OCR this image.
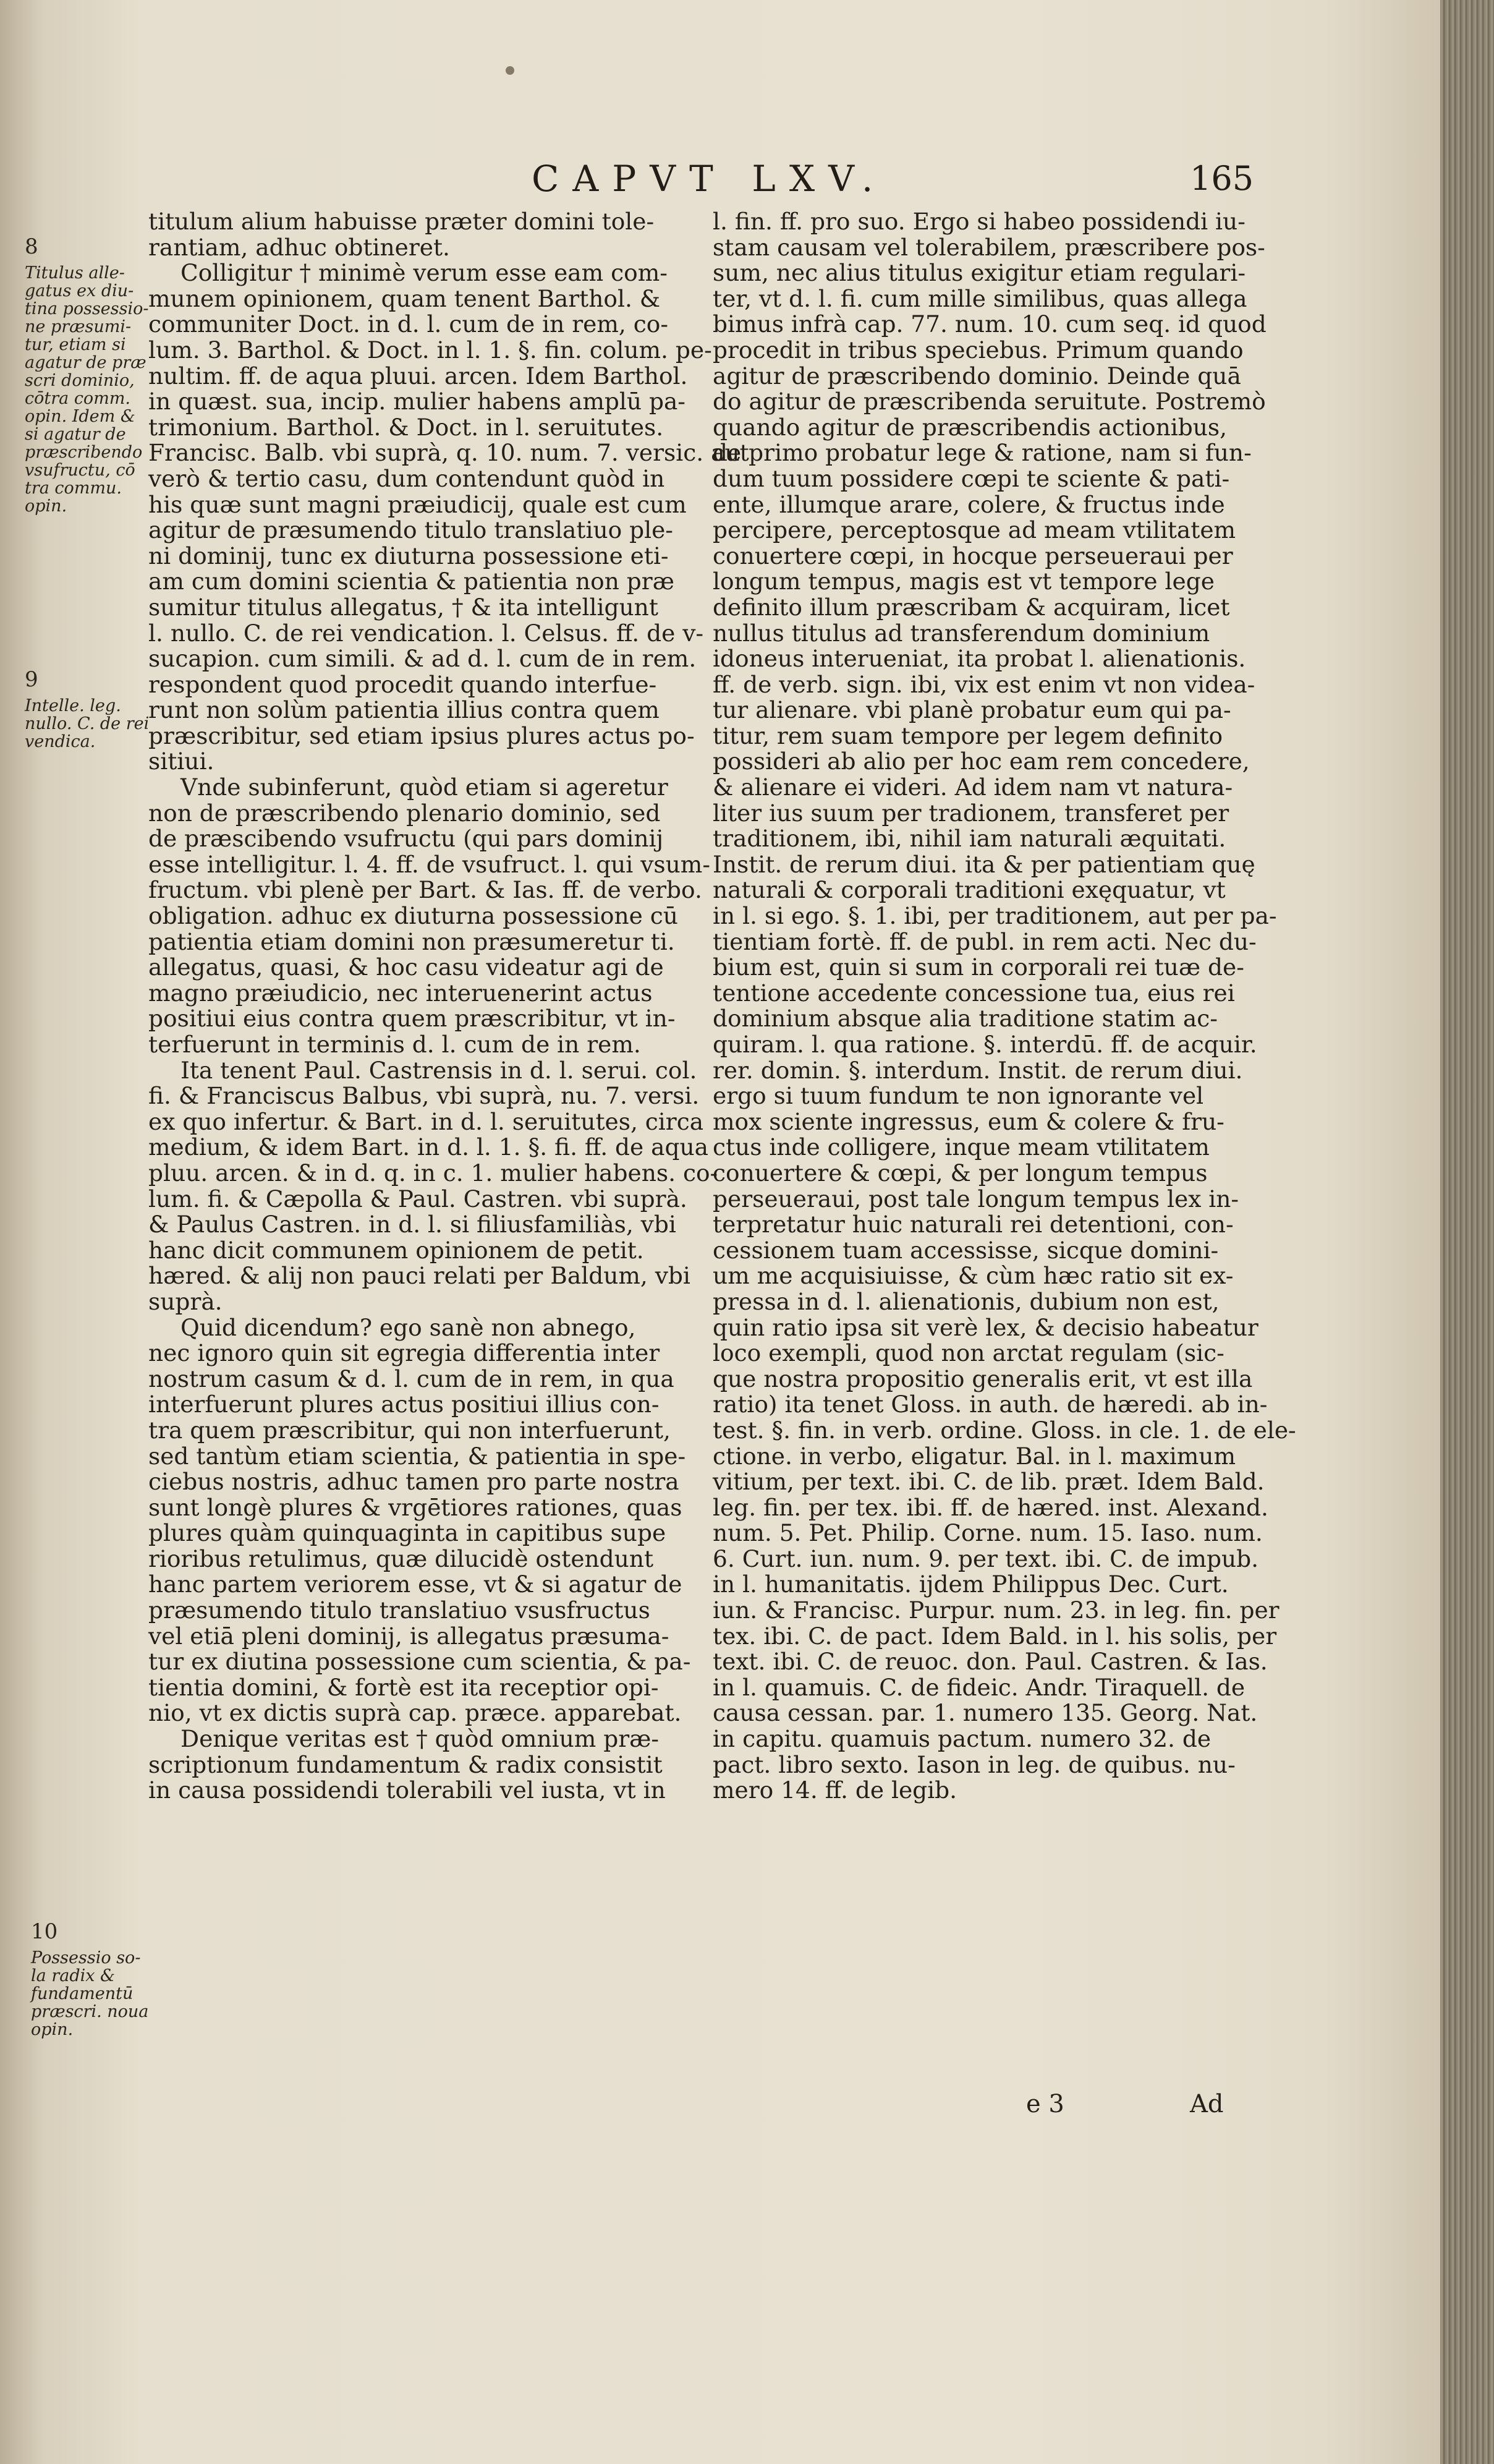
CAPVT LXV.	165
8
Titulus alle-
gatus ex diu-
tina possessio-
ne præsumi-
tur, etiam si
agatur de præ
scri dominio,
cōtra comm.
opin. Idem &
si agatur de
præscribendo
vsufructu, cō
tra commu.
opin.
9
Intelle. leg.
nullo. C. de rei
vendica.
10
Possessio so-
la radix &
fundamentū
præscri. noua
opin.
titulum alium habuisse præter domini tole-
rantiam, adhuc obtineret.
Colligitur † minimè verum esse eam com-
munem opinionem, quam tenent Barthol. &
communiter Doct. in d. l. cum de in rem, co-
lum. 3. Barthol. & Doct. in l. 1. §. fin. colum. pe-
nultim. ff. de aqua pluui. arcen. Idem Barthol.
in quæst. sua, incip. mulier habens amplū pa-
trimonium. Barthol. & Doct. in l. seruitutes.
Francisc. Balb. vbi suprà, q. 10. num. 7. versic. aut
verò & tertio casu, dum contendunt quòd in
his quæ sunt magni præiudicij, quale est cum
agitur de præsumendo titulo translatiuo ple-
ni dominij, tunc ex diuturna possessione eti-
am cum domini scientia & patientia non præ
sumitur titulus allegatus, † & ita intelligunt
l. nullo. C. de rei vendication. l. Celsus. ff. de v-
sucapion. cum simili. & ad d. l. cum de in rem.
respondent quod procedit quando interfue-
runt non solùm patientia illius contra quem
præscribitur, sed etiam ipsius plures actus po-
sitiui.
Vnde subinferunt, quòd etiam si ageretur
non de præscribendo plenario dominio, sed
de præscibendo vsufructu (qui pars dominij
esse intelligitur. l. 4. ff. de vsufruct. l. qui vsum-
fructum. vbi plenè per Bart. & Ias. ff. de verbo.
obligation. adhuc ex diuturna possessione cū
patientia etiam domini non præsumeretur ti.
allegatus, quasi, & hoc casu videatur agi de
magno præiudicio, nec interuenerint actus
positiui eius contra quem præscribitur, vt in-
terfuerunt in terminis d. l. cum de in rem.
Ita tenent Paul. Castrensis in d. l. serui. col.
fi. & Franciscus Balbus, vbi suprà, nu. 7. versi.
ex quo infertur. & Bart. in d. l. seruitutes, circa
medium, & idem Bart. in d. l. 1. §. fi. ff. de aqua
pluu. arcen. & in d. q. in c. 1. mulier habens. co-
lum. fi. & Cæpolla & Paul. Castren. vbi suprà.
& Paulus Castren. in d. l. si filiusfamiliàs, vbi
hanc dicit communem opinionem de petit.
hæred. & alij non pauci relati per Baldum, vbi
suprà.
Quid dicendum? ego sanè non abnego,
nec ignoro quin sit egregia differentia inter
nostrum casum & d. l. cum de in rem, in qua
interfuerunt plures actus positiui illius con-
tra quem præscribitur, qui non interfuerunt,
sed tantùm etiam scientia, & patientia in spe-
ciebus nostris, adhuc tamen pro parte nostra
sunt longè plures & vrgētiores rationes, quas
plures quàm quinquaginta in capitibus supe
rioribus retulimus, quæ dilucidè ostendunt
hanc partem veriorem esse, vt & si agatur de
præsumendo titulo translatiuo vsusfructus
vel etiā pleni dominij, is allegatus præsuma-
tur ex diutina possessione cum scientia, & pa-
tientia domini, & fortè est ita receptior opi-
nio, vt ex dictis suprà cap. præce. apparebat.
Denique veritas est † quòd omnium præ-
scriptionum fundamentum & radix consistit
in causa possidendi tolerabili vel iusta, vt in
l. fin. ff. pro suo. Ergo si habeo possidendi iu-
stam causam vel tolerabilem, præscribere pos-
sum, nec alius titulus exigitur etiam regulari-
ter, vt d. l. fi. cum mille similibus, quas allega
bimus infrà cap. 77. num. 10. cum seq. id quod
procedit in tribus speciebus. Primum quando
agitur de præscribendo dominio. Deinde quā
do agitur de præscribenda seruitute. Postremò
quando agitur de præscribendis actionibus,
de primo probatur lege & ratione, nam si fun-
dum tuum possidere cœpi te sciente & pati-
ente, illumque arare, colere, & fructus inde
percipere, perceptosque ad meam vtilitatem
conuertere cœpi, in hocque perseueraui per
longum tempus, magis est vt tempore lege
definito illum præscribam & acquiram, licet
nullus titulus ad transferendum dominium
idoneus interueniat, ita probat l. alienationis.
ff. de verb. sign. ibi, vix est enim vt non videa-
tur alienare. vbi planè probatur eum qui pa-
titur, rem suam tempore per legem definito
possideri ab alio per hoc eam rem concedere,
& alienare ei videri. Ad idem nam vt natura-
liter ius suum per tradionem, transferet per
traditionem, ibi, nihil iam naturali æquitati.
Instit. de rerum diui. ita & per patientiam quę
naturali & corporali traditioni exęquatur, vt
in l. si ego. §. 1. ibi, per traditionem, aut per pa-
tientiam fortè. ff. de publ. in rem acti. Nec du-
bium est, quin si sum in corporali rei tuæ de-
tentione accedente concessione tua, eius rei
dominium absque alia traditione statim ac-
quiram. l. qua ratione. §. interdū. ff. de acquir.
rer. domin. §. interdum. Instit. de rerum diui.
ergo si tuum fundum te non ignorante vel
mox sciente ingressus, eum & colere & fru-
ctus inde colligere, inque meam vtilitatem
conuertere & cœpi, & per longum tempus
perseueraui, post tale longum tempus lex in-
terpretatur huic naturali rei detentioni, con-
cessionem tuam accessisse, sicque domini-
um me acquisiuisse, & cùm hæc ratio sit ex-
pressa in d. l. alienationis, dubium non est,
quin ratio ipsa sit verè lex, & decisio habeatur
loco exempli, quod non arctat regulam (sic-
que nostra propositio generalis erit, vt est illa
ratio) ita tenet Gloss. in auth. de hæredi. ab in-
test. §. fin. in verb. ordine. Gloss. in cle. 1. de ele-
ctione. in verbo, eligatur. Bal. in l. maximum
vitium, per text. ibi. C. de lib. præt. Idem Bald.
leg. fin. per tex. ibi. ff. de hæred. inst. Alexand.
num. 5. Pet. Philip. Corne. num. 15. Iaso. num.
6. Curt. iun. num. 9. per text. ibi. C. de impub.
in l. humanitatis. ijdem Philippus Dec. Curt.
iun. & Francisc. Purpur. num. 23. in leg. fin. per
tex. ibi. C. de pact. Idem Bald. in l. his solis, per
text. ibi. C. de reuoc. don. Paul. Castren. & Ias.
in l. quamuis. C. de fideic. Andr. Tiraquell. de
causa cessan. par. 1. numero 135. Georg. Nat.
in capitu. quamuis pactum. numero 32. de
pact. libro sexto. Iason in leg. de quibus. nu-
mero 14. ff. de legib.
e 3	Ad
